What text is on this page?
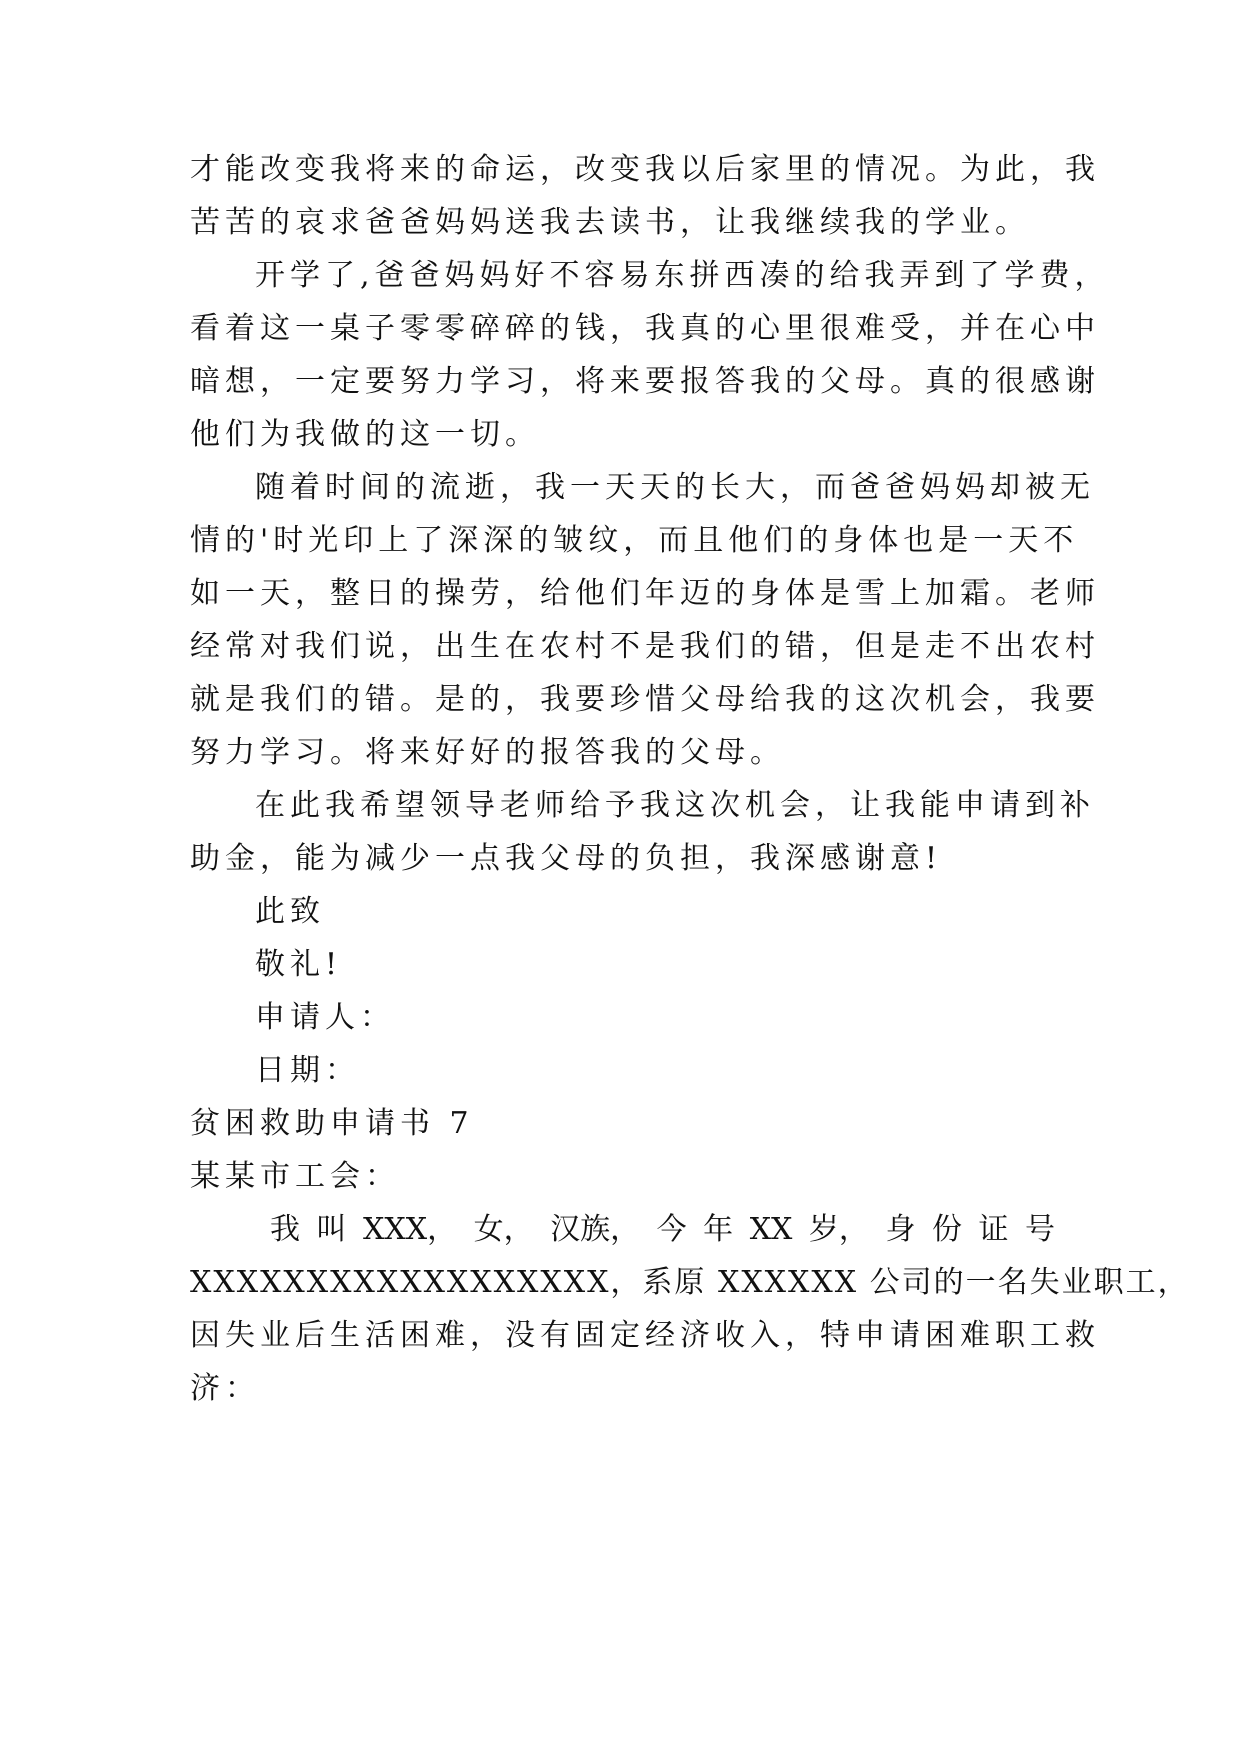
才能改变我将来的命运，改变我以后家里的情况。为此，我
苦苦的哀求爸爸妈妈送我去读书，让我继续我的学业。
开学了,爸爸妈妈好不容易东拼西凑的给我弄到了学费，
看着这一桌子零零碎碎的钱，我真的心里很难受，并在心中
暗想，一定要努力学习，将来要报答我的父母。真的很感谢
他们为我做的这一切。
随着时间的流逝，我一天天的长大，而爸爸妈妈却被无
情的'时光印上了深深的皱纹，而且他们的身体也是一天不
如一天，整日的操劳，给他们年迈的身体是雪上加霜。老师
经常对我们说，出生在农村不是我们的错，但是走不出农村
就是我们的错。是的，我要珍惜父母给我的这次机会，我要
努力学习。将来好好的报答我的父母。
在此我希望领导老师给予我这次机会，让我能申请到补
助金，能为减少一点我父母的负担，我深感谢意!
此致
敬礼!
申请人：
日期：
贫困救助申请书 7
某某市工会：
我 叫 XXX， 女， 汉族， 今 年 XX 岁， 身 份 证 号
XXXXXXXXXXXXXXXXXX，系原 XXXXXX 公司的一名失业职工，
因失业后生活困难，没有固定经济收入，特申请困难职工救
济：
